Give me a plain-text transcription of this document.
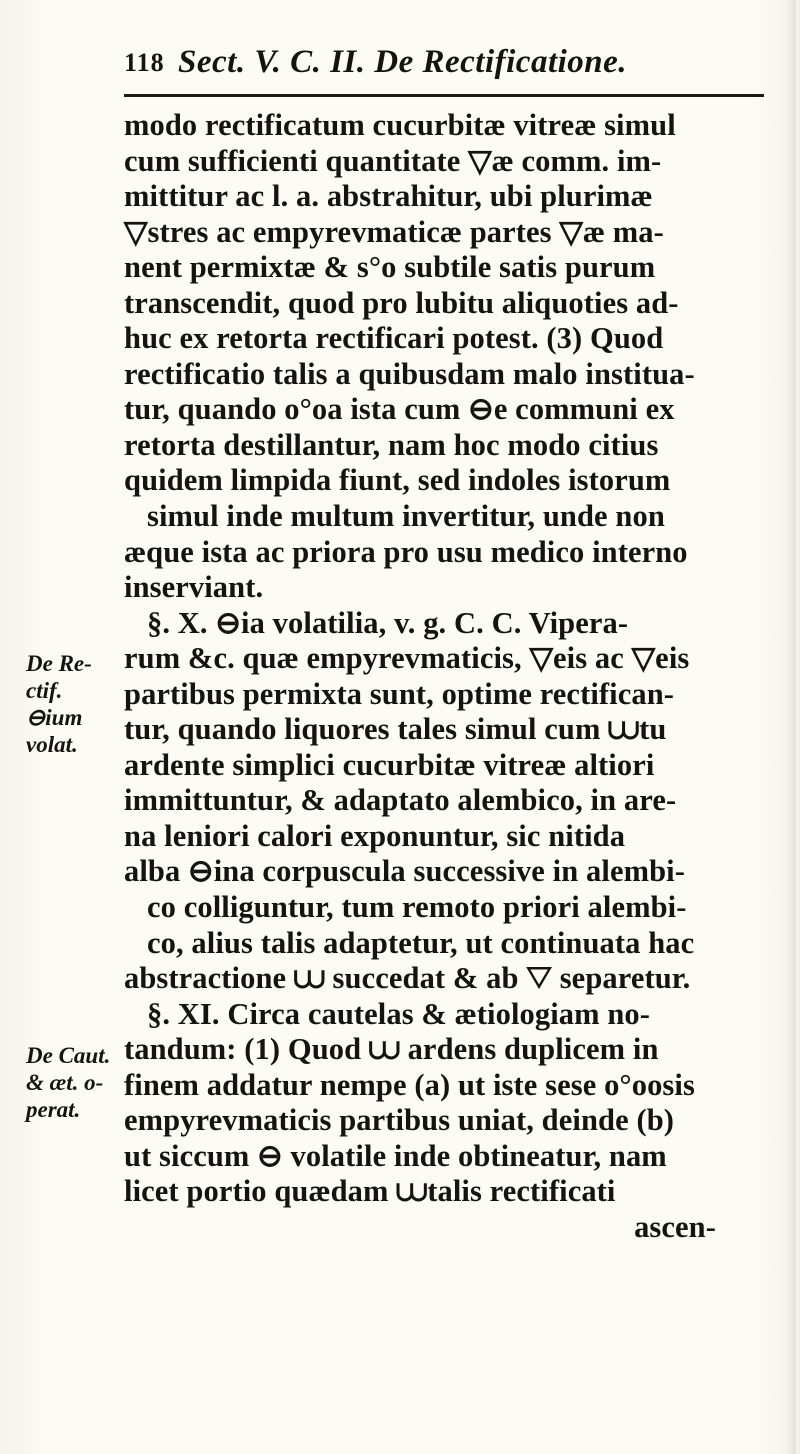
118 Sect. V. C. II. De Rectificatione.
modo rectificatum cucurbitæ vitreæ simul
cum sufficienti quantitate ▽æ comm. im-
mittitur ac l. a. abstrahitur, ubi plurimæ
▽stres ac empyrevmaticæ partes ▽æ ma-
nent permixtæ & s°o subtile satis purum
transcendit, quod pro lubitu aliquoties ad-
huc ex retorta rectificari potest. (3) Quod
rectificatio talis a quibusdam malo institua-
tur, quando o°oa ista cum ⊖e communi ex
retorta destillantur, nam hoc modo citius
quidem limpida fiunt, sed indoles istorum
simul inde multum invertitur, unde non
æque ista ac priora pro usu medico interno
inserviant.
§. X. ⊖ia volatilia, v. g. C. C. Vipera-
rum &c. quæ empyrevmaticis, ▽eis ac ▽eis
partibus permixta sunt, optime rectifican-
tur, quando liquores tales simul cum ⩊tu
ardente simplici cucurbitæ vitreæ altiori
immittuntur, & adaptato alembico, in are-
na leniori calori exponuntur, sic nitida
alba ⊖ina corpuscula successive in alembi-
co colliguntur, tum remoto priori alembi-
co, alius talis adaptetur, ut continuata hac
abstractione ⩊ succedat & ab ▽ separetur.
§. XI. Circa cautelas & ætiologiam no-
tandum: (1) Quod ⩊ ardens duplicem in
finem addatur nempe (a) ut iste sese o°oosis
empyrevmaticis partibus uniat, deinde (b)
ut siccum ⊖ volatile inde obtineatur, nam
licet portio quædam ⩊talis rectificati
ascen-
De Re-
ctif.
⊖ium
volat.
De Caut.
& æt. o-
perat.
